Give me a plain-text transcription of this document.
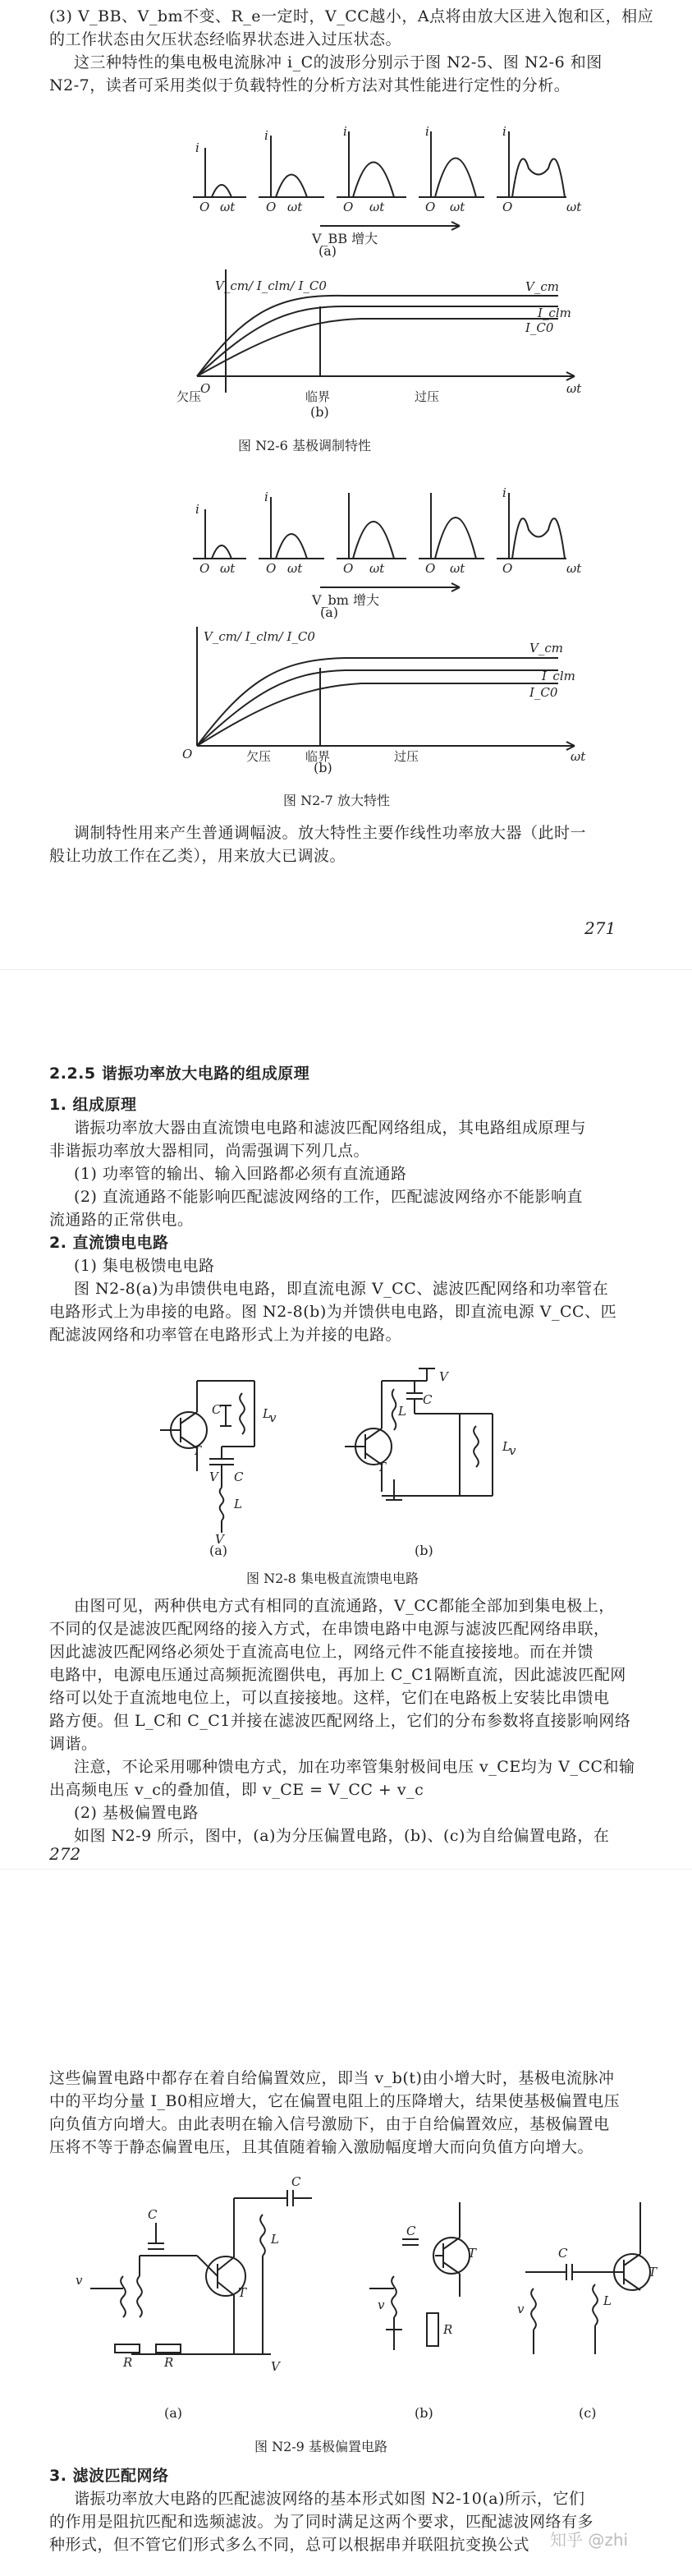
(3) V_BB、V_bm不变、R_e一定时，V_CC越小，A点将由放大区进入饱和区，相应
的工作状态由欠压状态经临界状态进入过压状态。
这三种特性的集电极电流脉冲 i_C的波形分别示于图 N2-5、图 N2-6 和图
N2-7，读者可采用类似于负载特性的分析方法对其性能进行定性的分析。
i
i	i	i	i
O ωt	O ωt	O ωt	O ωt	O	ωt
V_BB 增大
(a)
V_cm/ I_clm/ I_C0	V_cm
I_clm
I_C0
O	ωt
欠压	临界	过压
(b)
图 N2-6 基极调制特性
i
i	i
O ωt	O ωt	O ωt	O ωt	O	ωt
V_bm 增大
(a)
V_cm/ I_clm/ I_C0
V_cm
I_clm
I_C0
O	ωt
欠压	临界	过压
(b)
图 N2-7 放大特性
调制特性用来产生普通调幅波。放大特性主要作线性功率放大器（此时一
般让功放工作在乙类），用来放大已调波。
271
2.2.5 谐振功率放大电路的组成原理
1. 组成原理
谐振功率放大器由直流馈电电路和滤波匹配网络组成，其电路组成原理与
非谐振功率放大器相同，尚需强调下列几点。
(1) 功率管的输出、输入回路都必须有直流通路
(2) 直流通路不能影响匹配滤波网络的工作，匹配滤波网络亦不能影响直
流通路的正常供电。
2. 直流馈电电路
(1) 集电极馈电电路
图 N2-8(a)为串馈供电电路，即直流电源 V_CC、滤波匹配网络和功率管在
电路形式上为串接的电路。图 N2-8(b)为并馈供电电路，即直流电源 V_CC、匹
配滤波网络和功率管在电路形式上为并接的电路。
T
C	L
v
V C
L
V
T
V
C
L
L
v
(a)	(b)
图 N2-8 集电极直流馈电电路
由图可见，两种供电方式有相同的直流通路，V_CC都能全部加到集电极上，
不同的仅是滤波匹配网络的接入方式，在串馈电路中电源与滤波匹配网络串联，
因此滤波匹配网络必须处于直流高电位上，网络元件不能直接接地。而在并馈
电路中，电源电压通过高频扼流圈供电，再加上 C_C1隔断直流，因此滤波匹配网
络可以处于直流地电位上，可以直接接地。这样，它们在电路板上安装比串馈电
路方便。但 L_C和 C_C1并接在滤波匹配网络上，它们的分布参数将直接影响网络
调谐。
注意，不论采用哪种馈电方式，加在功率管集射极间电压 v_CE均为 V_CC和输
出高频电压 v_c的叠加值，即 v_CE = V_CC + v_c
(2) 基极偏置电路
如图 N2-9 所示，图中，(a)为分压偏置电路，(b)、(c)为自给偏置电路，在
272
这些偏置电路中都存在着自给偏置效应，即当 v_b(t)由小增大时，基极电流脉冲
中的平均分量 I_B0相应增大，它在偏置电阻上的压降增大，结果使基极偏置电压
向负值方向增大。由此表明在输入信号激励下，由于自给偏置效应，基极偏置电
压将不等于静态偏置电压，且其值随着输入激励幅度增大而向负值方向增大。
C
C
L
T
R	R	V
v
C
T
v
R
C
T
L
v
(a)	(b)	(c)
图 N2-9 基极偏置电路
3. 滤波匹配网络
谐振功率放大电路的匹配滤波网络的基本形式如图 N2-10(a)所示，它们
的作用是阻抗匹配和选频滤波。为了同时满足这两个要求，匹配滤波网络有多
种形式，但不管它们形式多么不同，总可以根据串并联阻抗变换公式 知乎 @zhi
